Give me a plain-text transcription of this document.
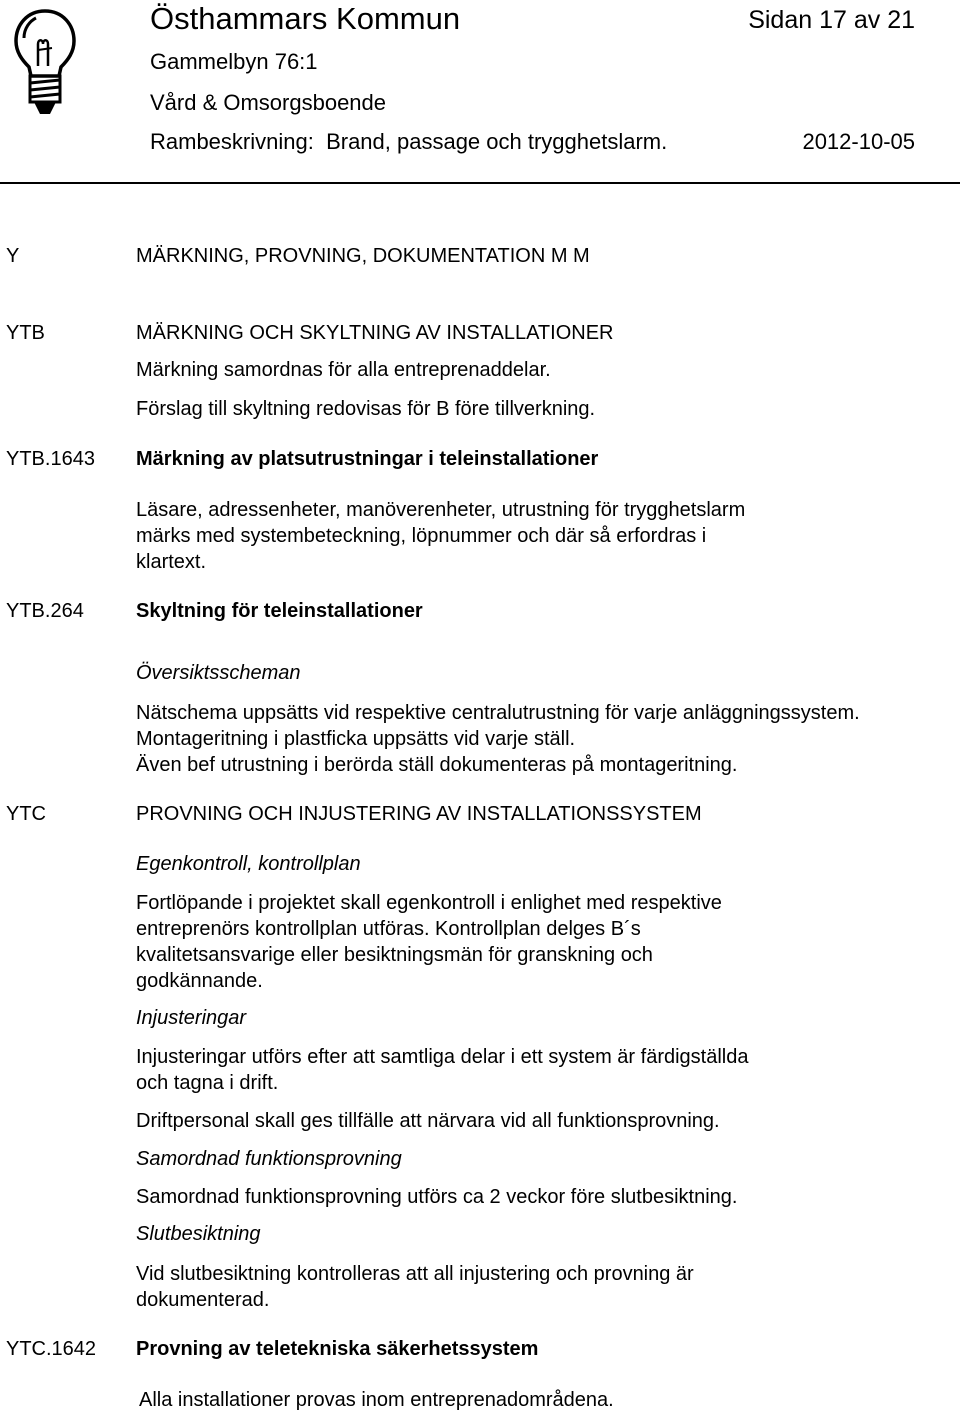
Östhammars Kommun	Sidan 17 av 21
Gammelbyn 76:1
Vård & Omsorgsboende
Rambeskrivning:  Brand, passage och trygghetslarm.	2012-10-05
Y	MÄRKNING, PROVNING, DOKUMENTATION M M
YTB	MÄRKNING OCH SKYLTNING AV INSTALLATIONER
Märkning samordnas för alla entreprenaddelar.
Förslag till skyltning redovisas för B före tillverkning.
YTB.1643 Märkning av platsutrustningar i teleinstallationer
Läsare, adressenheter, manöverenheter, utrustning för trygghetslarm
märks med systembeteckning, löpnummer och där så erfordras i
klartext.
YTB.264	Skyltning för teleinstallationer
Översiktsscheman
Nätschema uppsätts vid respektive centralutrustning för varje anläggningssystem.
Montageritning i plastficka uppsätts vid varje ställ.
Även bef utrustning i berörda ställ dokumenteras på montageritning.
YTC	PROVNING OCH INJUSTERING AV INSTALLATIONSSYSTEM
Egenkontroll, kontrollplan
Fortlöpande i projektet skall egenkontroll i enlighet med respektive
entreprenörs kontrollplan utföras. Kontrollplan delges B´s
kvalitetsansvarige eller besiktningsmän för granskning och
godkännande.
Injusteringar
Injusteringar utförs efter att samtliga delar i ett system är färdigställda
och tagna i drift.
Driftpersonal skall ges tillfälle att närvara vid all funktionsprovning.
Samordnad funktionsprovning
Samordnad funktionsprovning utförs ca 2 veckor före slutbesiktning.
Slutbesiktning
Vid slutbesiktning kontrolleras att all injustering och provning är
dokumenterad.
YTC.1642 Provning av teletekniska säkerhetssystem
Alla installationer provas inom entreprenadområdena.
